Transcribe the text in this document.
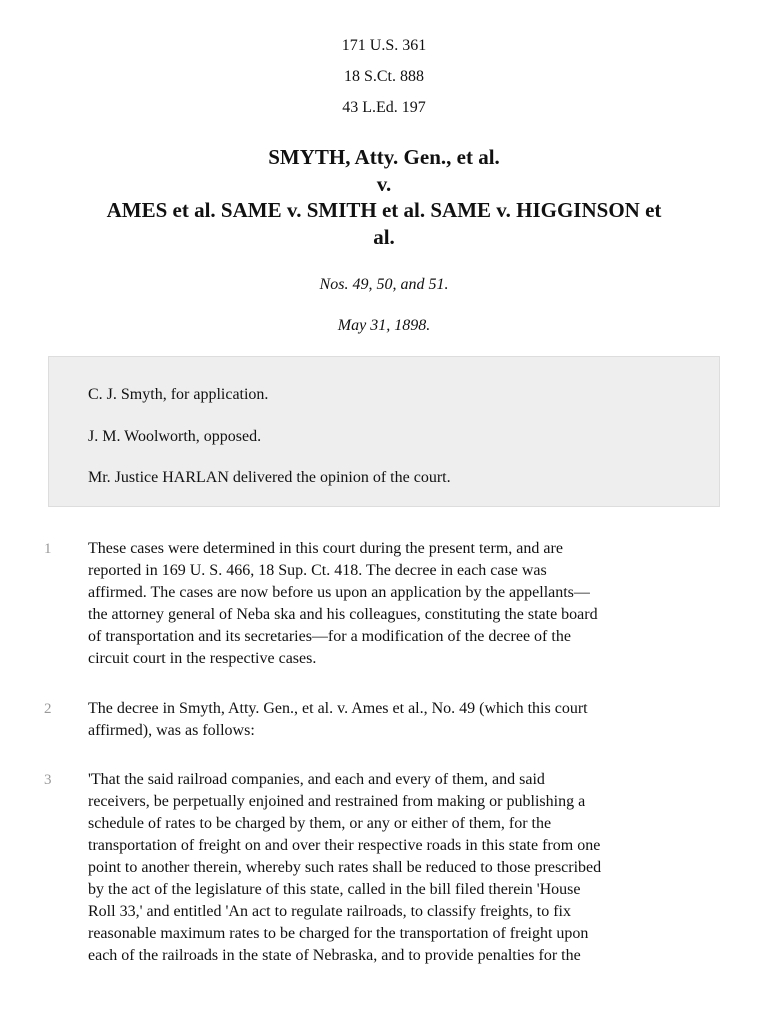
171 U.S. 361
18 S.Ct. 888
43 L.Ed. 197
SMYTH, Atty. Gen., et al.
v.
AMES et al. SAME v. SMITH et al. SAME v. HIGGINSON et
al.
Nos. 49, 50, and 51.
May 31, 1898.
C. J. Smyth, for application.
J. M. Woolworth, opposed.
Mr. Justice HARLAN delivered the opinion of the court.
1 These cases were determined in this court during the present term, and are
reported in 169 U. S. 466, 18 Sup. Ct. 418. The decree in each case was
affirmed. The cases are now before us upon an application by the appellants—
the attorney general of Neba ska and his colleagues, constituting the state board
of transportation and its secretaries—for a modification of the decree of the
circuit court in the respective cases.
2 The decree in Smyth, Atty. Gen., et al. v. Ames et al., No. 49 (which this court
affirmed), was as follows:
3 'That the said railroad companies, and each and every of them, and said
receivers, be perpetually enjoined and restrained from making or publishing a
schedule of rates to be charged by them, or any or either of them, for the
transportation of freight on and over their respective roads in this state from one
point to another therein, whereby such rates shall be reduced to those prescribed
by the act of the legislature of this state, called in the bill filed therein 'House
Roll 33,' and entitled 'An act to regulate railroads, to classify freights, to fix
reasonable maximum rates to be charged for the transportation of freight upon
each of the railroads in the state of Nebraska, and to provide penalties for the
